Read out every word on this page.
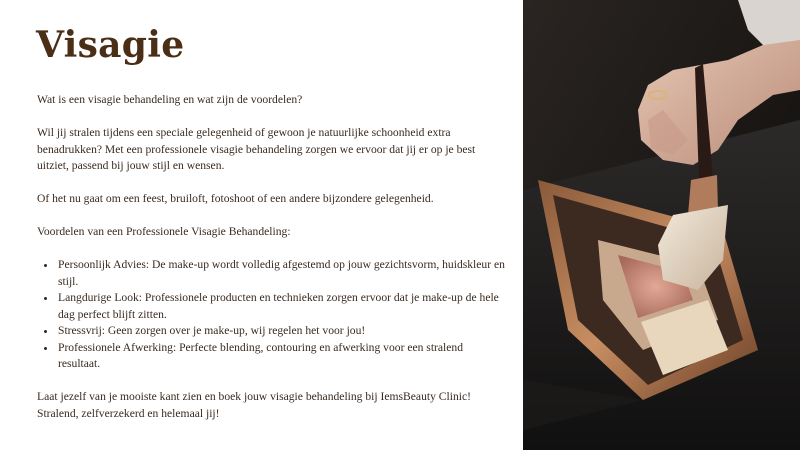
Visagie

Wat is een visagie behandeling en wat zijn de voordelen?

Wil jij stralen tijdens een speciale gelegenheid of gewoon je natuurlijke schoonheid extra benadrukken? Met een professionele visagie behandeling zorgen we ervoor dat jij er op je best uitziet, passend bij jouw stijl en wensen.

Of het nu gaat om een feest, bruiloft, fotoshoot of een andere bijzondere gelegenheid.

Voordelen van een Professionele Visagie Behandeling:

• Persoonlijk Advies: De make-up wordt volledig afgestemd op jouw gezichtsvorm, huidskleur en stijl.
• Langdurige Look: Professionele producten en technieken zorgen ervoor dat je make-up de hele dag perfect blijft zitten.
• Stressvrij: Geen zorgen over je make-up, wij regelen het voor jou!
• Professionele Afwerking: Perfecte blending, contouring en afwerking voor een stralend resultaat.

Laat jezelf van je mooiste kant zien en boek jouw visagie behandeling bij IemsBeauty Clinic! Stralend, zelfverzekerd en helemaal jij!
